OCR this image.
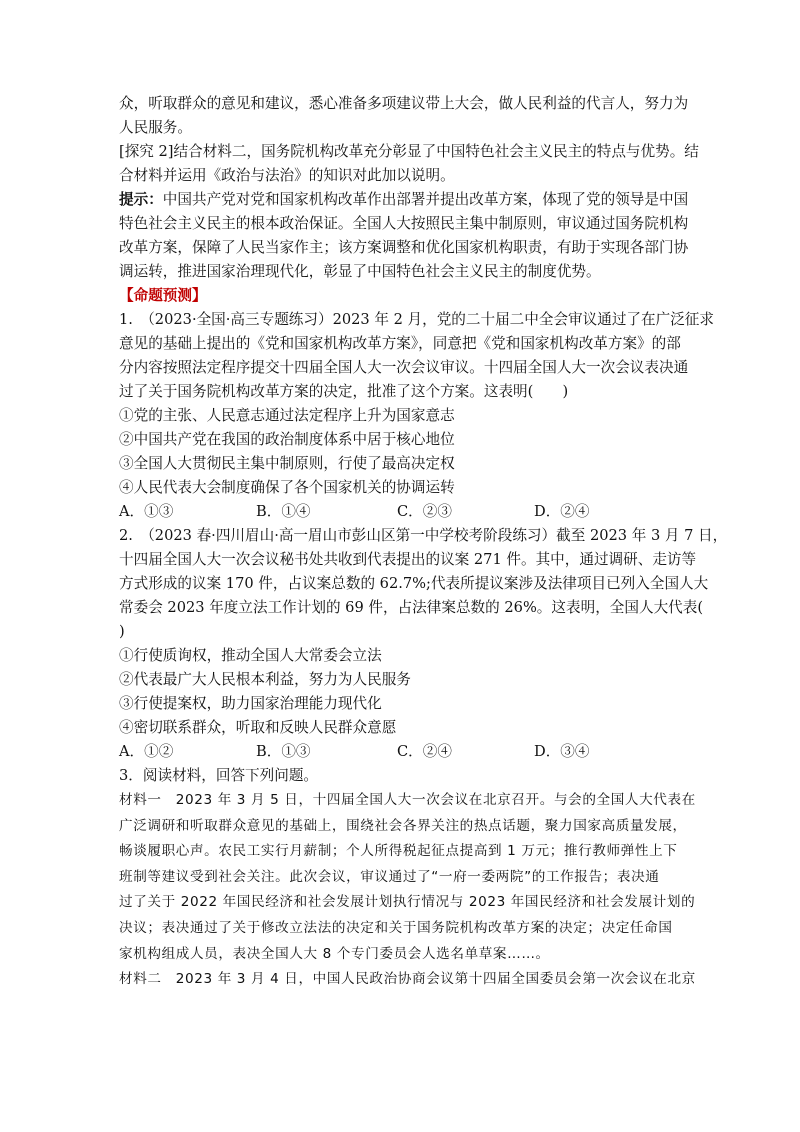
众，听取群众的意见和建议，悉心准备多项建议带上大会，做人民利益的代言人，努力为
人民服务。
[探究 2]结合材料二，国务院机构改革充分彰显了中国特色社会主义民主的特点与优势。结
合材料并运用《政治与法治》的知识对此加以说明。
提示：中国共产党对党和国家机构改革作出部署并提出改革方案，体现了党的领导是中国
特色社会主义民主的根本政治保证。全国人大按照民主集中制原则，审议通过国务院机构
改革方案，保障了人民当家作主；该方案调整和优化国家机构职责，有助于实现各部门协
调运转，推进国家治理现代化，彰显了中国特色社会主义民主的制度优势。
【命题预测】
1.　（2023·全国·高三专题练习）2023 年 2 月，党的二十届二中全会审议通过了在广泛征求
意见的基础上提出的《党和国家机构改革方案》，同意把《党和国家机构改革方案》的部
分内容按照法定程序提交十四届全国人大一次会议审议。十四届全国人大一次会议表决通
过了关于国务院机构改革方案的决定，批准了这个方案。这表明(　　)
①党的主张、人民意志通过法定程序上升为国家意志
②中国共产党在我国的政治制度体系中居于核心地位
③全国人大贯彻民主集中制原则，行使了最高决定权
④人民代表大会制度确保了各个国家机关的协调运转
A．①③	B．①④	C．②③	D．②④
2.　（2023 春·四川眉山·高一眉山市彭山区第一中学校考阶段练习）截至 2023 年 3 月 7 日，
十四届全国人大一次会议秘书处共收到代表提出的议案 271 件。其中，通过调研、走访等
方式形成的议案 170 件，占议案总数的 62.7%;代表所提议案涉及法律项目已列入全国人大
常委会 2023 年度立法工作计划的 69 件，占法律案总数的 26%。这表明，全国人大代表(
)
①行使质询权，推动全国人大常委会立法
②代表最广大人民根本利益，努力为人民服务
③行使提案权，助力国家治理能力现代化
④密切联系群众，听取和反映人民群众意愿
A．①②	B．①③	C．②④	D．③④
3．阅读材料，回答下列问题。
材料一　2023 年 3 月 5 日，十四届全国人大一次会议在北京召开。与会的全国人大代表在
广泛调研和听取群众意见的基础上，围绕社会各界关注的热点话题，聚力国家高质量发展，
畅谈履职心声。农民工实行月薪制；个人所得税起征点提高到 1 万元；推行教师弹性上下
班制等建议受到社会关注。此次会议，审议通过了“一府一委两院”的工作报告；表决通
过了关于 2022 年国民经济和社会发展计划执行情况与 2023 年国民经济和社会发展计划的
决议；表决通过了关于修改立法法的决定和关于国务院机构改革方案的决定；决定任命国
家机构组成人员，表决全国人大 8 个专门委员会人选名单草案……。
材料二　2023 年 3 月 4 日，中国人民政治协商会议第十四届全国委员会第一次会议在北京
